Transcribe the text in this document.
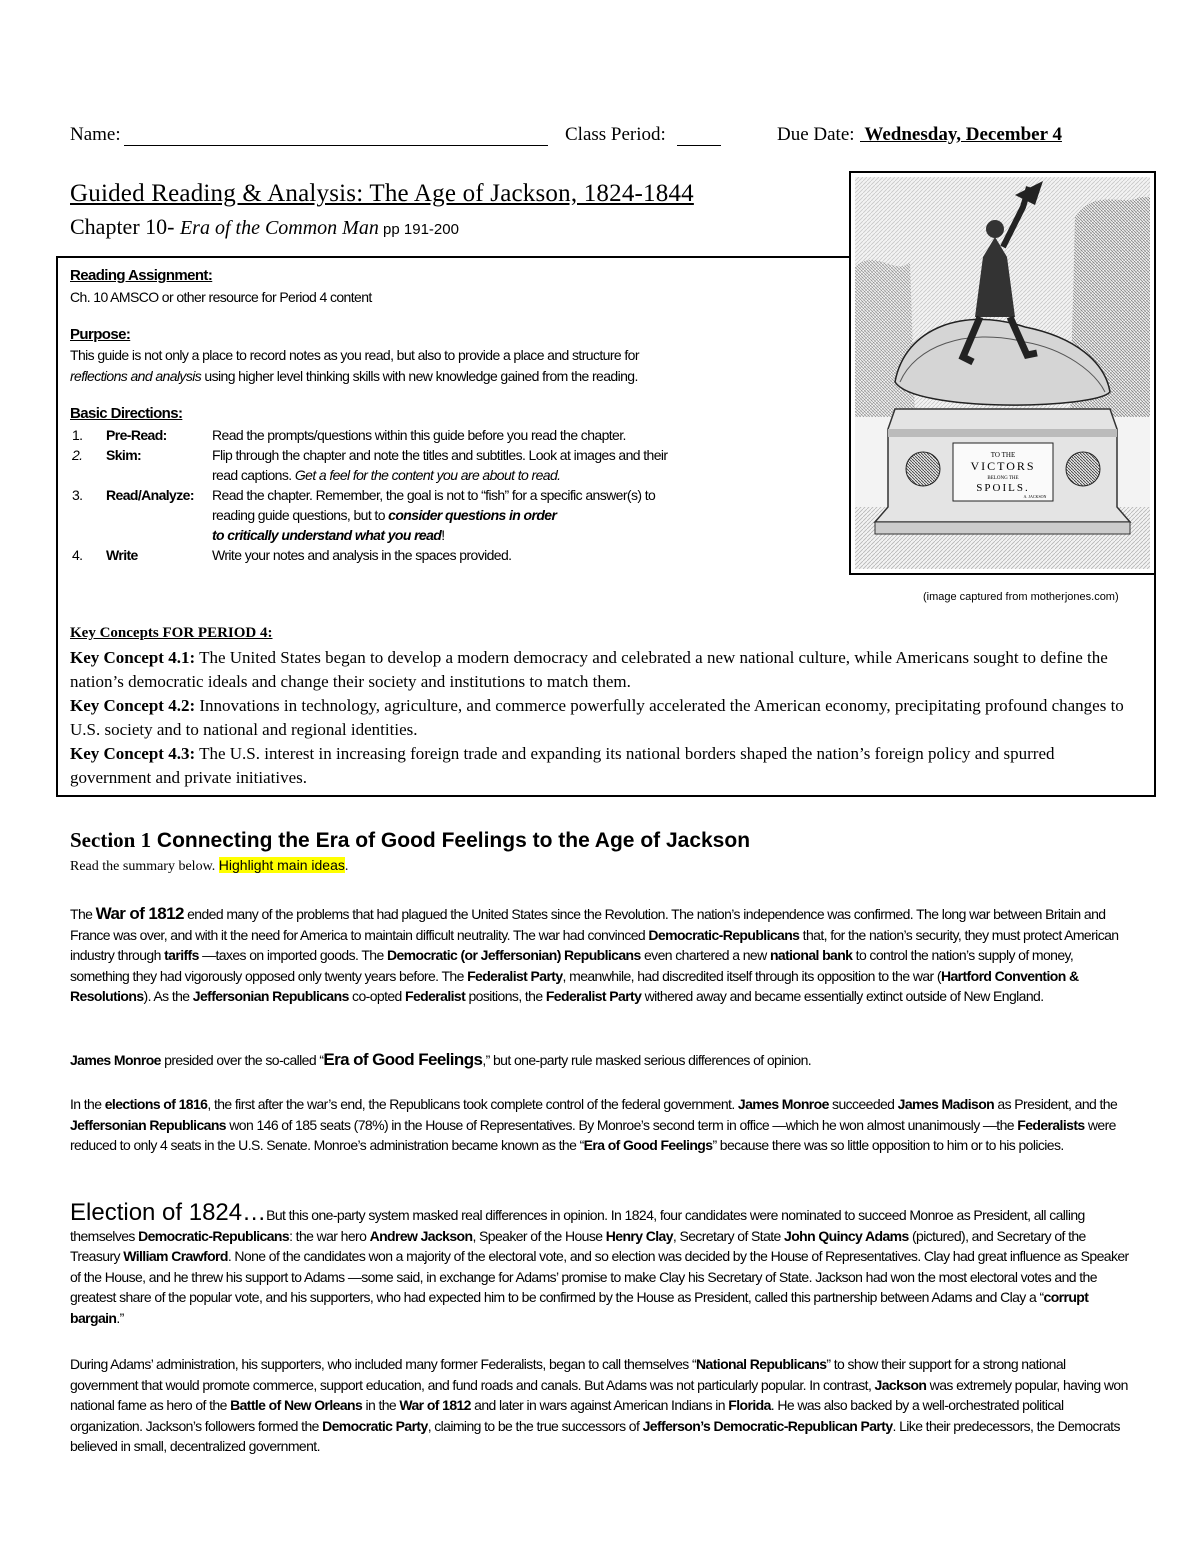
Name:	Class Period:	Due Date: Wednesday, December 4
Guided Reading & Analysis: The Age of Jackson, 1824-1844
Chapter 10- Era of the Common Man pp 191-200
TO THE
VICTORS
BELONG THE
SPOILS.
A. JACKSON
(image captured from motherjones.com)
Reading Assignment:
Ch. 10 AMSCO or other resource for Period 4 content
Purpose:
This guide is not only a place to record notes as you read, but also to provide a place and structure for
reflections and analysis using higher level thinking skills with new knowledge gained from the reading.
Basic Directions:
1. Pre-Read:	Read the prompts/questions within this guide before you read the chapter.
2. Skim:	Flip through the chapter and note the titles and subtitles. Look at images and their
read captions. Get a feel for the content you are about to read.
3. Read/Analyze: Read the chapter. Remember, the goal is not to “fish” for a specific answer(s) to
reading guide questions, but to consider questions in order
to critically understand what you read!
4. Write	Write your notes and analysis in the spaces provided.
Key Concepts FOR PERIOD 4:
Key Concept 4.1: The United States began to develop a modern democracy and celebrated a new national culture, while Americans sought to define the nation’s democratic ideals and change their society and institutions to match them.
Key Concept 4.2: Innovations in technology, agriculture, and commerce powerfully accelerated the American economy, precipitating profound changes to U.S. society and to national and regional identities.
Key Concept 4.3: The U.S. interest in increasing foreign trade and expanding its national borders shaped the nation’s foreign policy and spurred government and private initiatives.
Section 1 Connecting the Era of Good Feelings to the Age of Jackson
Read the summary below. Highlight main ideas.
The War of 1812 ended many of the problems that had plagued the United States since the Revolution. The nation’s independence was confirmed. The long war between Britain and France was over, and with it the need for America to maintain difficult neutrality. The war had convinced Democratic-Republicans that, for the nation’s security, they must protect American industry through tariffs —taxes on imported goods. The Democratic (or Jeffersonian) Republicans even chartered a new national bank to control the nation’s supply of money, something they had vigorously opposed only twenty years before. The Federalist Party, meanwhile, had discredited itself through its opposition to the war (Hartford Convention & Resolutions). As the Jeffersonian Republicans co-opted Federalist positions, the Federalist Party withered away and became essentially extinct outside of New England.
James Monroe presided over the so-called “Era of Good Feelings,” but one-party rule masked serious differences of opinion.
In the elections of 1816, the first after the war’s end, the Republicans took complete control of the federal government. James Monroe succeeded James Madison as President, and the Jeffersonian Republicans won 146 of 185 seats (78%) in the House of Representatives. By Monroe’s second term in office —which he won almost unanimously —the Federalists were reduced to only 4 seats in the U.S. Senate. Monroe’s administration became known as the “Era of Good Feelings” because there was so little opposition to him or to his policies.
Election of 1824…But this one-party system masked real differences in opinion. In 1824, four candidates were nominated to succeed Monroe as President, all calling themselves Democratic-Republicans: the war hero Andrew Jackson, Speaker of the House Henry Clay, Secretary of State John Quincy Adams (pictured), and Secretary of the Treasury William Crawford. None of the candidates won a majority of the electoral vote, and so election was decided by the House of Representatives. Clay had great influence as Speaker of the House, and he threw his support to Adams —some said, in exchange for Adams’ promise to make Clay his Secretary of State. Jackson had won the most electoral votes and the greatest share of the popular vote, and his supporters, who had expected him to be confirmed by the House as President, called this partnership between Adams and Clay a “corrupt bargain.”
During Adams’ administration, his supporters, who included many former Federalists, began to call themselves “National Republicans” to show their support for a strong national government that would promote commerce, support education, and fund roads and canals. But Adams was not particularly popular. In contrast, Jackson was extremely popular, having won national fame as hero of the Battle of New Orleans in the War of 1812 and later in wars against American Indians in Florida. He was also backed by a well-orchestrated political organization. Jackson’s followers formed the Democratic Party, claiming to be the true successors of Jefferson’s Democratic-Republican Party. Like their predecessors, the Democrats believed in small, decentralized government.
